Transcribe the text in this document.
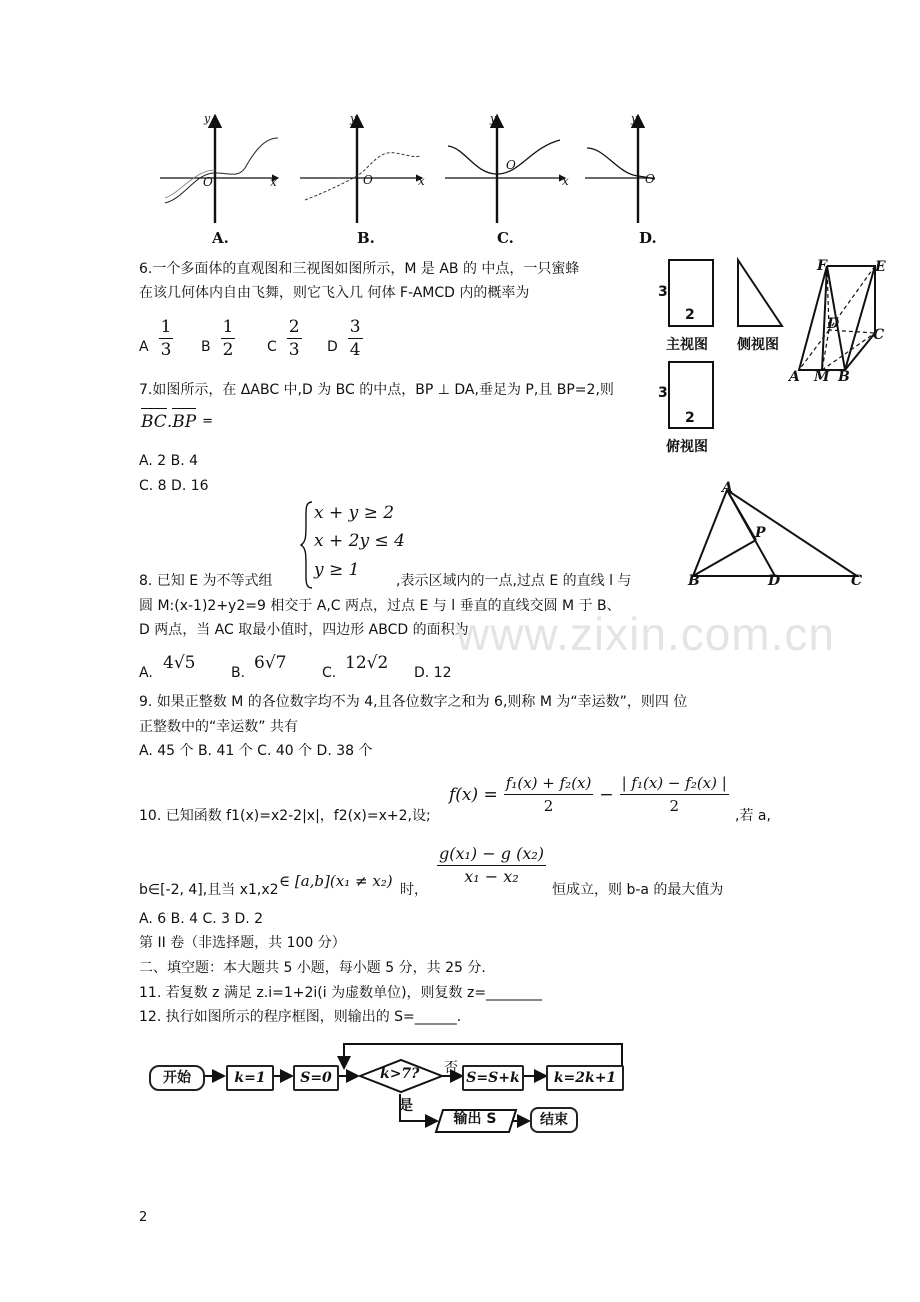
y
O	x
y
O	x
y
O
x
y
O
A.	B.	C.	D.
6.一个多面体的直观图和三视图如图所示，M 是 AB 的 中点，一只蜜蜂
在该几何体内自由飞舞，则它飞入几 何体 F-AMCD 内的概率为
A $\frac{1}{3}$ B $\frac{1}{2}$ C $\frac{2}{3}$ D $\frac{3}{4}$
3
2
主视图 侧视图
3
2
俯视图
F	E
D
C
A M B
7.如图所示，在 ΔABC 中,D 为 BC 的中点，BP ⊥ DA,垂足为 P,且 BP=2,则
BC . BP =
A. 2 B. 4
C. 8 D. 16	A
P
B	D	C
x + y ≥ 2
x + 2y ≤ 4
y ≥ 1
8. 已知 E 为不等式组	,表示区域内的一点,过点 E 的直线 l 与
圆 M:(x-1)2+y2=9 相交于 A,C 两点，过点 E 与 l 垂直的直线交圆 M 于 B、
D 两点，当 AC 取最小值时，四边形 ABCD 的面积为
www.zixin.com.cn
A. 4√5	B. 6√7	C. 12√2 D. 12
9. 如果正整数 M 的各位数字均不为 4,且各位数字之和为 6,则称 M 为“幸运数”，则四 位
正整数中的“幸运数” 共有
A. 45 个 B. 41 个 C. 40 个 D. 38 个
$f(x) = \frac{\text{f₁(x) + f₂(x)}}{2} - \frac{\text{| f₁(x) − f₂(x) |}}{2}$
10. 已知函数 f1(x)=x2-2|x|，f2(x)=x+2,设;	,若 a,
$\frac{\text{g(x₁) − g (x₂)}}{\text{x₁ − x₂}}$
b∈[-2, 4],且当 x1,x2 ∈ [a,b](x₁ ≠ x₂) 时，	恒成立，则 b-a 的最大值为
A. 6 B. 4 C. 3 D. 2
第 II 卷（非选择题，共 100 分）
二、填空题：本大题共 5 小题，每小题 5 分，共 25 分.
11. 若复数 z 满足 z.i=1+2i(i 为虚数单位)，则复数 z=________
12. 执行如图所示的程序框图，则输出的 S=______.
开始	k=1	S=0	k>7? 否
S=S+k	k=2k+1
是
输出 S	结束
2
